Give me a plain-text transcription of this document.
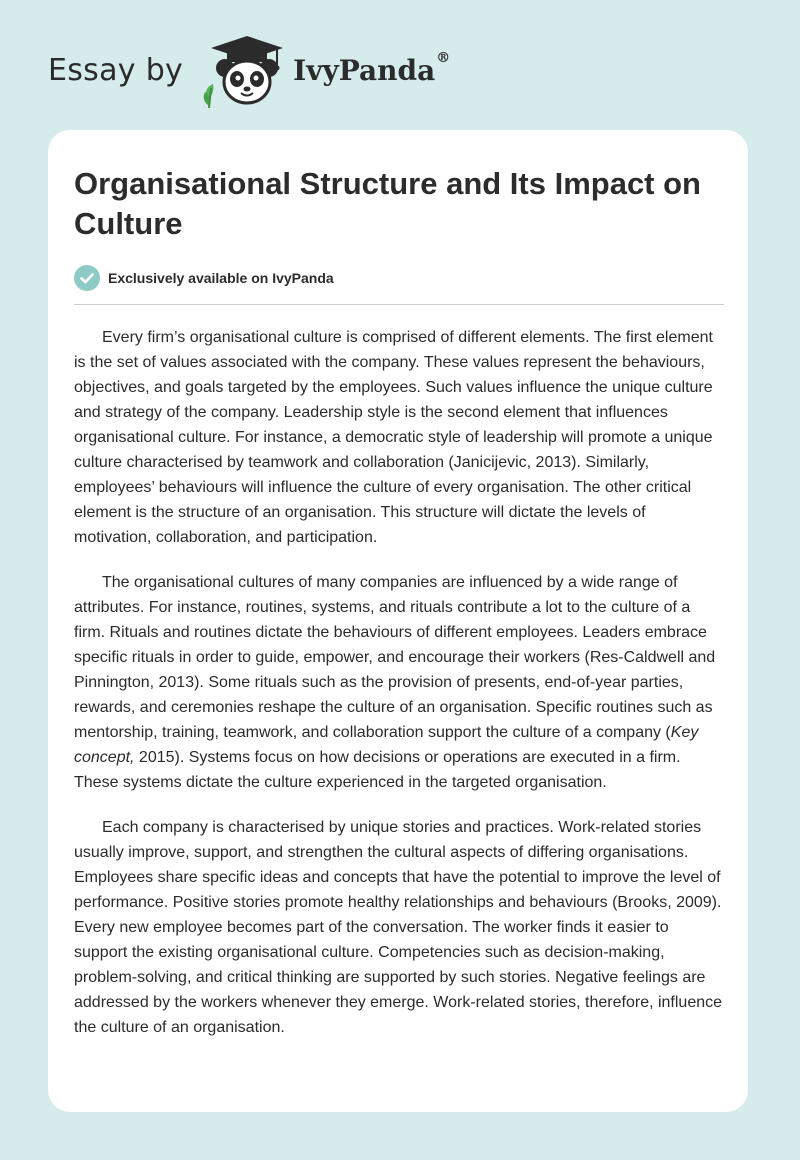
Essay by	IvyPanda®
Organisational Structure and Its Impact on Culture
Exclusively available on IvyPanda

Every firm’s organisational culture is comprised of different elements. The first element is the set of values associated with the company. These values represent the behaviours, objectives, and goals targeted by the employees. Such values influence the unique culture and strategy of the company. Leadership style is the second element that influences organisational culture. For instance, a democratic style of leadership will promote a unique culture characterised by teamwork and collaboration (Janicijevic, 2013). Similarly, employees’ behaviours will influence the culture of every organisation. The other critical element is the structure of an organisation. This structure will dictate the levels of motivation, collaboration, and participation.

The organisational cultures of many companies are influenced by a wide range of attributes. For instance, routines, systems, and rituals contribute a lot to the culture of a firm. Rituals and routines dictate the behaviours of different employees. Leaders embrace specific rituals in order to guide, empower, and encourage their workers (Res-Caldwell and Pinnington, 2013). Some rituals such as the provision of presents, end-of-year parties, rewards, and ceremonies reshape the culture of an organisation. Specific routines such as mentorship, training, teamwork, and collaboration support the culture of a company (Key concept, 2015). Systems focus on how decisions or operations are executed in a firm. These systems dictate the culture experienced in the targeted organisation.

Each company is characterised by unique stories and practices. Work-related stories usually improve, support, and strengthen the cultural aspects of differing organisations. Employees share specific ideas and concepts that have the potential to improve the level of performance. Positive stories promote healthy relationships and behaviours (Brooks, 2009). Every new employee becomes part of the conversation. The worker finds it easier to support the existing organisational culture. Competencies such as decision-making, problem-solving, and critical thinking are supported by such stories. Negative feelings are addressed by the workers whenever they emerge. Work-related stories, therefore, influence the culture of an organisation.
